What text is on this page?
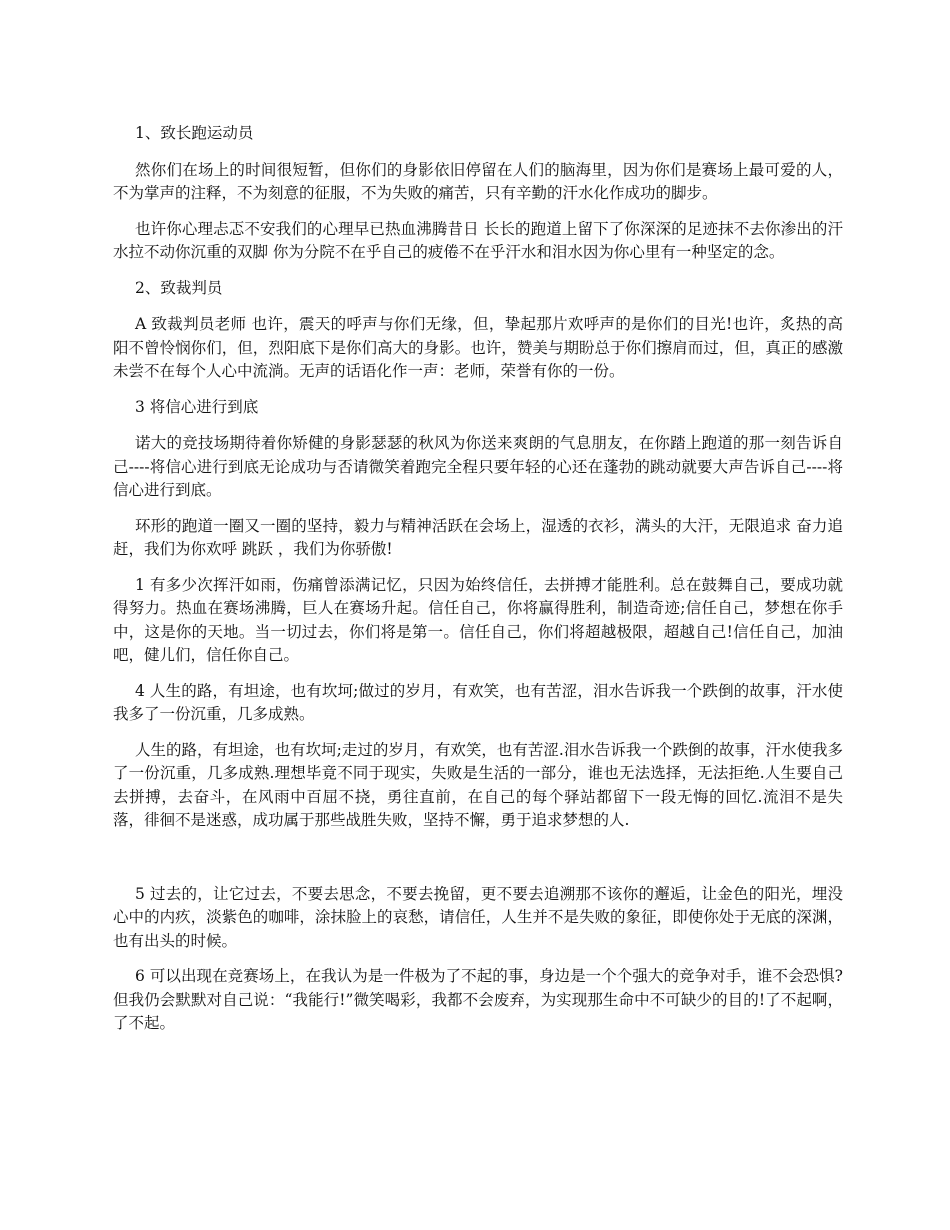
1、致长跑运动员

然你们在场上的时间很短暂，但你们的身影依旧停留在人们的脑海里，因为你们是赛场上最可爱的人，不为掌声的注释，不为刻意的征服，不为失败的痛苦，只有辛勤的汗水化作成功的脚步。

也许你心理忐忑不安我们的心理早已热血沸腾昔日 长长的跑道上留下了你深深的足迹抹不去你渗出的汗水拉不动你沉重的双脚 你为分院不在乎自己的疲倦不在乎汗水和泪水因为你心里有一种坚定的念。

2、致裁判员

A 致裁判员老师 也许，震天的呼声与你们无缘，但，挚起那片欢呼声的是你们的目光!也许，炙热的高阳不曾怜悯你们，但，烈阳底下是你们高大的身影。也许，赞美与期盼总于你们擦肩而过，但，真正的感激未尝不在每个人心中流淌。无声的话语化作一声：老师，荣誉有你的一份。

3 将信心进行到底

诺大的竞技场期待着你矫健的身影瑟瑟的秋风为你送来爽朗的气息朋友，在你踏上跑道的那一刻告诉自己----将信心进行到底无论成功与否请微笑着跑完全程只要年轻的心还在蓬勃的跳动就要大声告诉自己----将信心进行到底。

环形的跑道一圈又一圈的坚持，毅力与精神活跃在会场上，湿透的衣衫，满头的大汗，无限追求 奋力追赶，我们为你欢呼 跳跃 ，我们为你骄傲!

1 有多少次挥汗如雨，伤痛曾添满记忆，只因为始终信任，去拼搏才能胜利。总在鼓舞自己，要成功就得努力。热血在赛场沸腾，巨人在赛场升起。信任自己，你将赢得胜利，制造奇迹;信任自己，梦想在你手中，这是你的天地。当一切过去，你们将是第一。信任自己，你们将超越极限，超越自己!信任自己，加油吧，健儿们，信任你自己。

4 人生的路，有坦途，也有坎坷;做过的岁月，有欢笑，也有苦涩，泪水告诉我一个跌倒的故事，汗水使我多了一份沉重，几多成熟。

人生的路，有坦途，也有坎坷;走过的岁月，有欢笑，也有苦涩.泪水告诉我一个跌倒的故事，汗水使我多了一份沉重，几多成熟.理想毕竟不同于现实，失败是生活的一部分，谁也无法选择，无法拒绝.人生要自己去拼搏，去奋斗，在风雨中百屈不挠，勇往直前，在自己的每个驿站都留下一段无悔的回忆.流泪不是失落，徘徊不是迷惑，成功属于那些战胜失败，坚持不懈，勇于追求梦想的人.

5 过去的，让它过去，不要去思念，不要去挽留，更不要去追溯那不该你的邂逅，让金色的阳光，埋没心中的内疚，淡紫色的咖啡，涂抹脸上的哀愁，请信任，人生并不是失败的象征，即使你处于无底的深渊，也有出头的时候。

6 可以出现在竞赛场上，在我认为是一件极为了不起的事，身边是一个个强大的竞争对手，谁不会恐惧?但我仍会默默对自己说：“我能行!”微笑喝彩，我都不会废弃，为实现那生命中不可缺少的目的!了不起啊，了不起。
